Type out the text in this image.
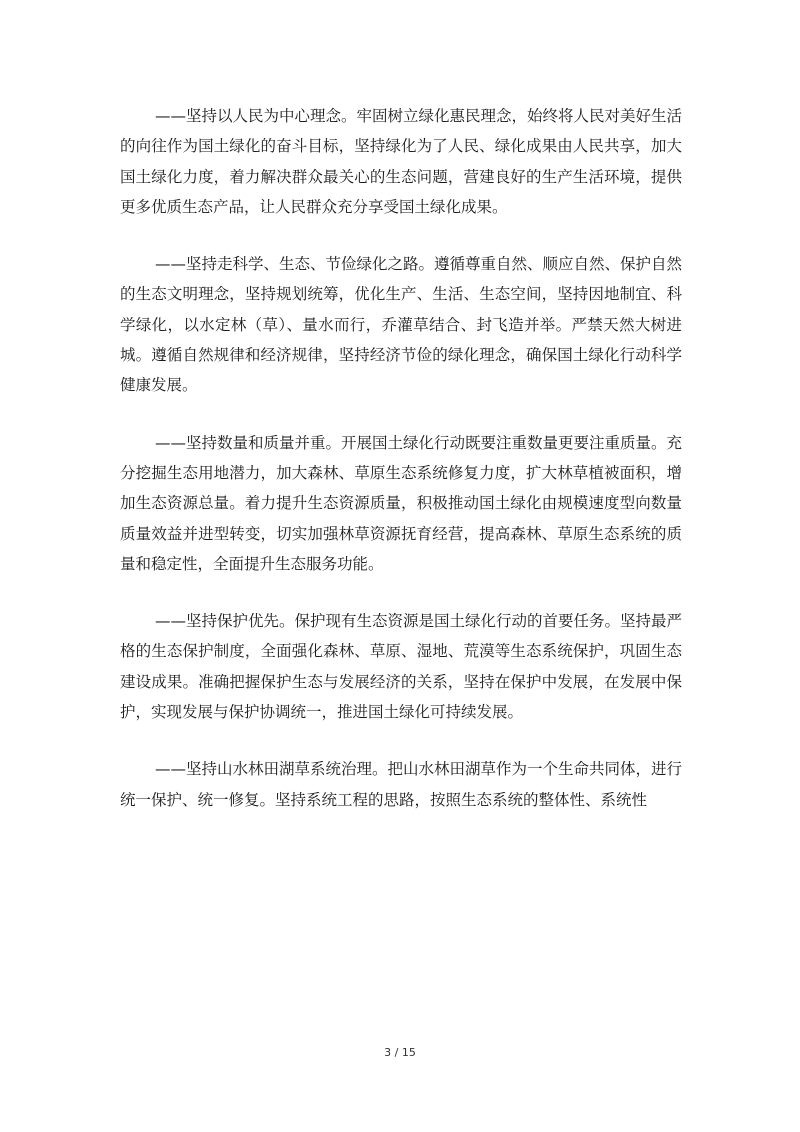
——坚持以人民为中心理念。牢固树立绿化惠民理念，始终将人民对美好生活的向往作为国土绿化的奋斗目标，坚持绿化为了人民、绿化成果由人民共享，加大国土绿化力度，着力解决群众最关心的生态问题，营建良好的生产生活环境，提供更多优质生态产品，让人民群众充分享受国土绿化成果。

——坚持走科学、生态、节俭绿化之路。遵循尊重自然、顺应自然、保护自然的生态文明理念，坚持规划统筹，优化生产、生活、生态空间，坚持因地制宜、科学绿化，以水定林（草）、量水而行，乔灌草结合、封飞造并举。严禁天然大树进城。遵循自然规律和经济规律，坚持经济节俭的绿化理念，确保国土绿化行动科学健康发展。

——坚持数量和质量并重。开展国土绿化行动既要注重数量更要注重质量。充分挖掘生态用地潜力，加大森林、草原生态系统修复力度，扩大林草植被面积，增加生态资源总量。着力提升生态资源质量，积极推动国土绿化由规模速度型向数量质量效益并进型转变，切实加强林草资源抚育经营，提高森林、草原生态系统的质量和稳定性，全面提升生态服务功能。

——坚持保护优先。保护现有生态资源是国土绿化行动的首要任务。坚持最严格的生态保护制度，全面强化森林、草原、湿地、荒漠等生态系统保护，巩固生态建设成果。准确把握保护生态与发展经济的关系，坚持在保护中发展，在发展中保护，实现发展与保护协调统一，推进国土绿化可持续发展。

——坚持山水林田湖草系统治理。把山水林田湖草作为一个生命共同体，进行统一保护、统一修复。坚持系统工程的思路，按照生态系统的整体性、系统性

3 / 15
